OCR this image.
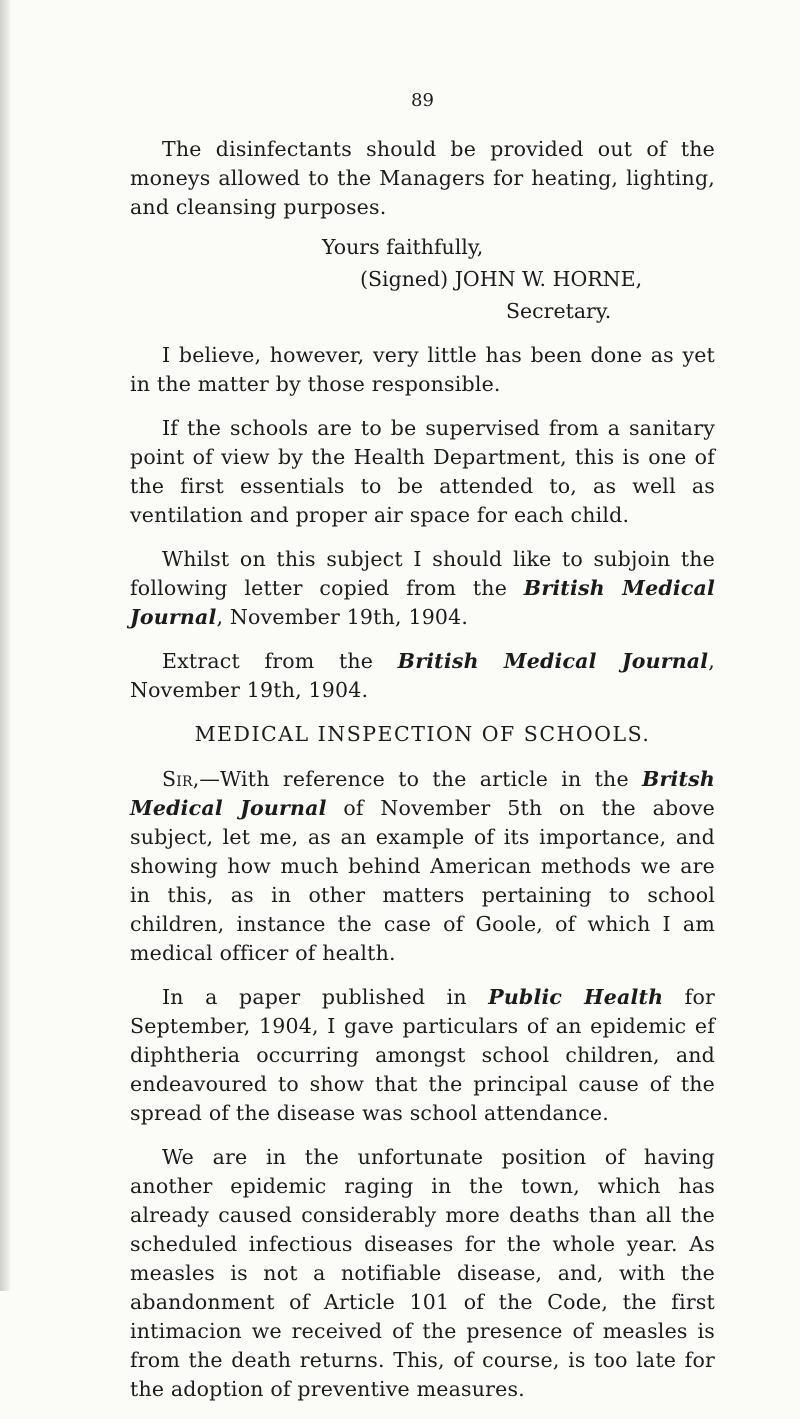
89

The disinfectants should be provided out of the moneys allowed to the Managers for heating, lighting, and cleansing purposes.

Yours faithfully,
(Signed) JOHN W. HORNE,
Secretary.

I believe, however, very little has been done as yet in the matter by those responsible.

If the schools are to be supervised from a sanitary point of view by the Health Department, this is one of the first essentials to be attended to, as well as ventilation and proper air space for each child.

Whilst on this subject I should like to subjoin the following letter copied from the British Medical Journal, November 19th, 1904.

Extract from the British Medical Journal, November 19th, 1904.

MEDICAL INSPECTION OF SCHOOLS.

Sir,—With reference to the article in the Britsh Medical Journal of November 5th on the above subject, let me, as an example of its importance, and showing how much behind American methods we are in this, as in other matters pertaining to school children, instance the case of Goole, of which I am medical officer of health.

In a paper published in Public Health for September, 1904, I gave particulars of an epidemic ef diphtheria occurring amongst school children, and endeavoured to show that the principal cause of the spread of the disease was school attendance.

We are in the unfortunate position of having another epidemic raging in the town, which has already caused considerably more deaths than all the scheduled infectious diseases for the whole year. As measles is not a notifiable disease, and, with the abandonment of Article 101 of the Code, the first intimacion we received of the presence of measles is from the death returns. This, of course, is too late for the adoption of preventive measures.
